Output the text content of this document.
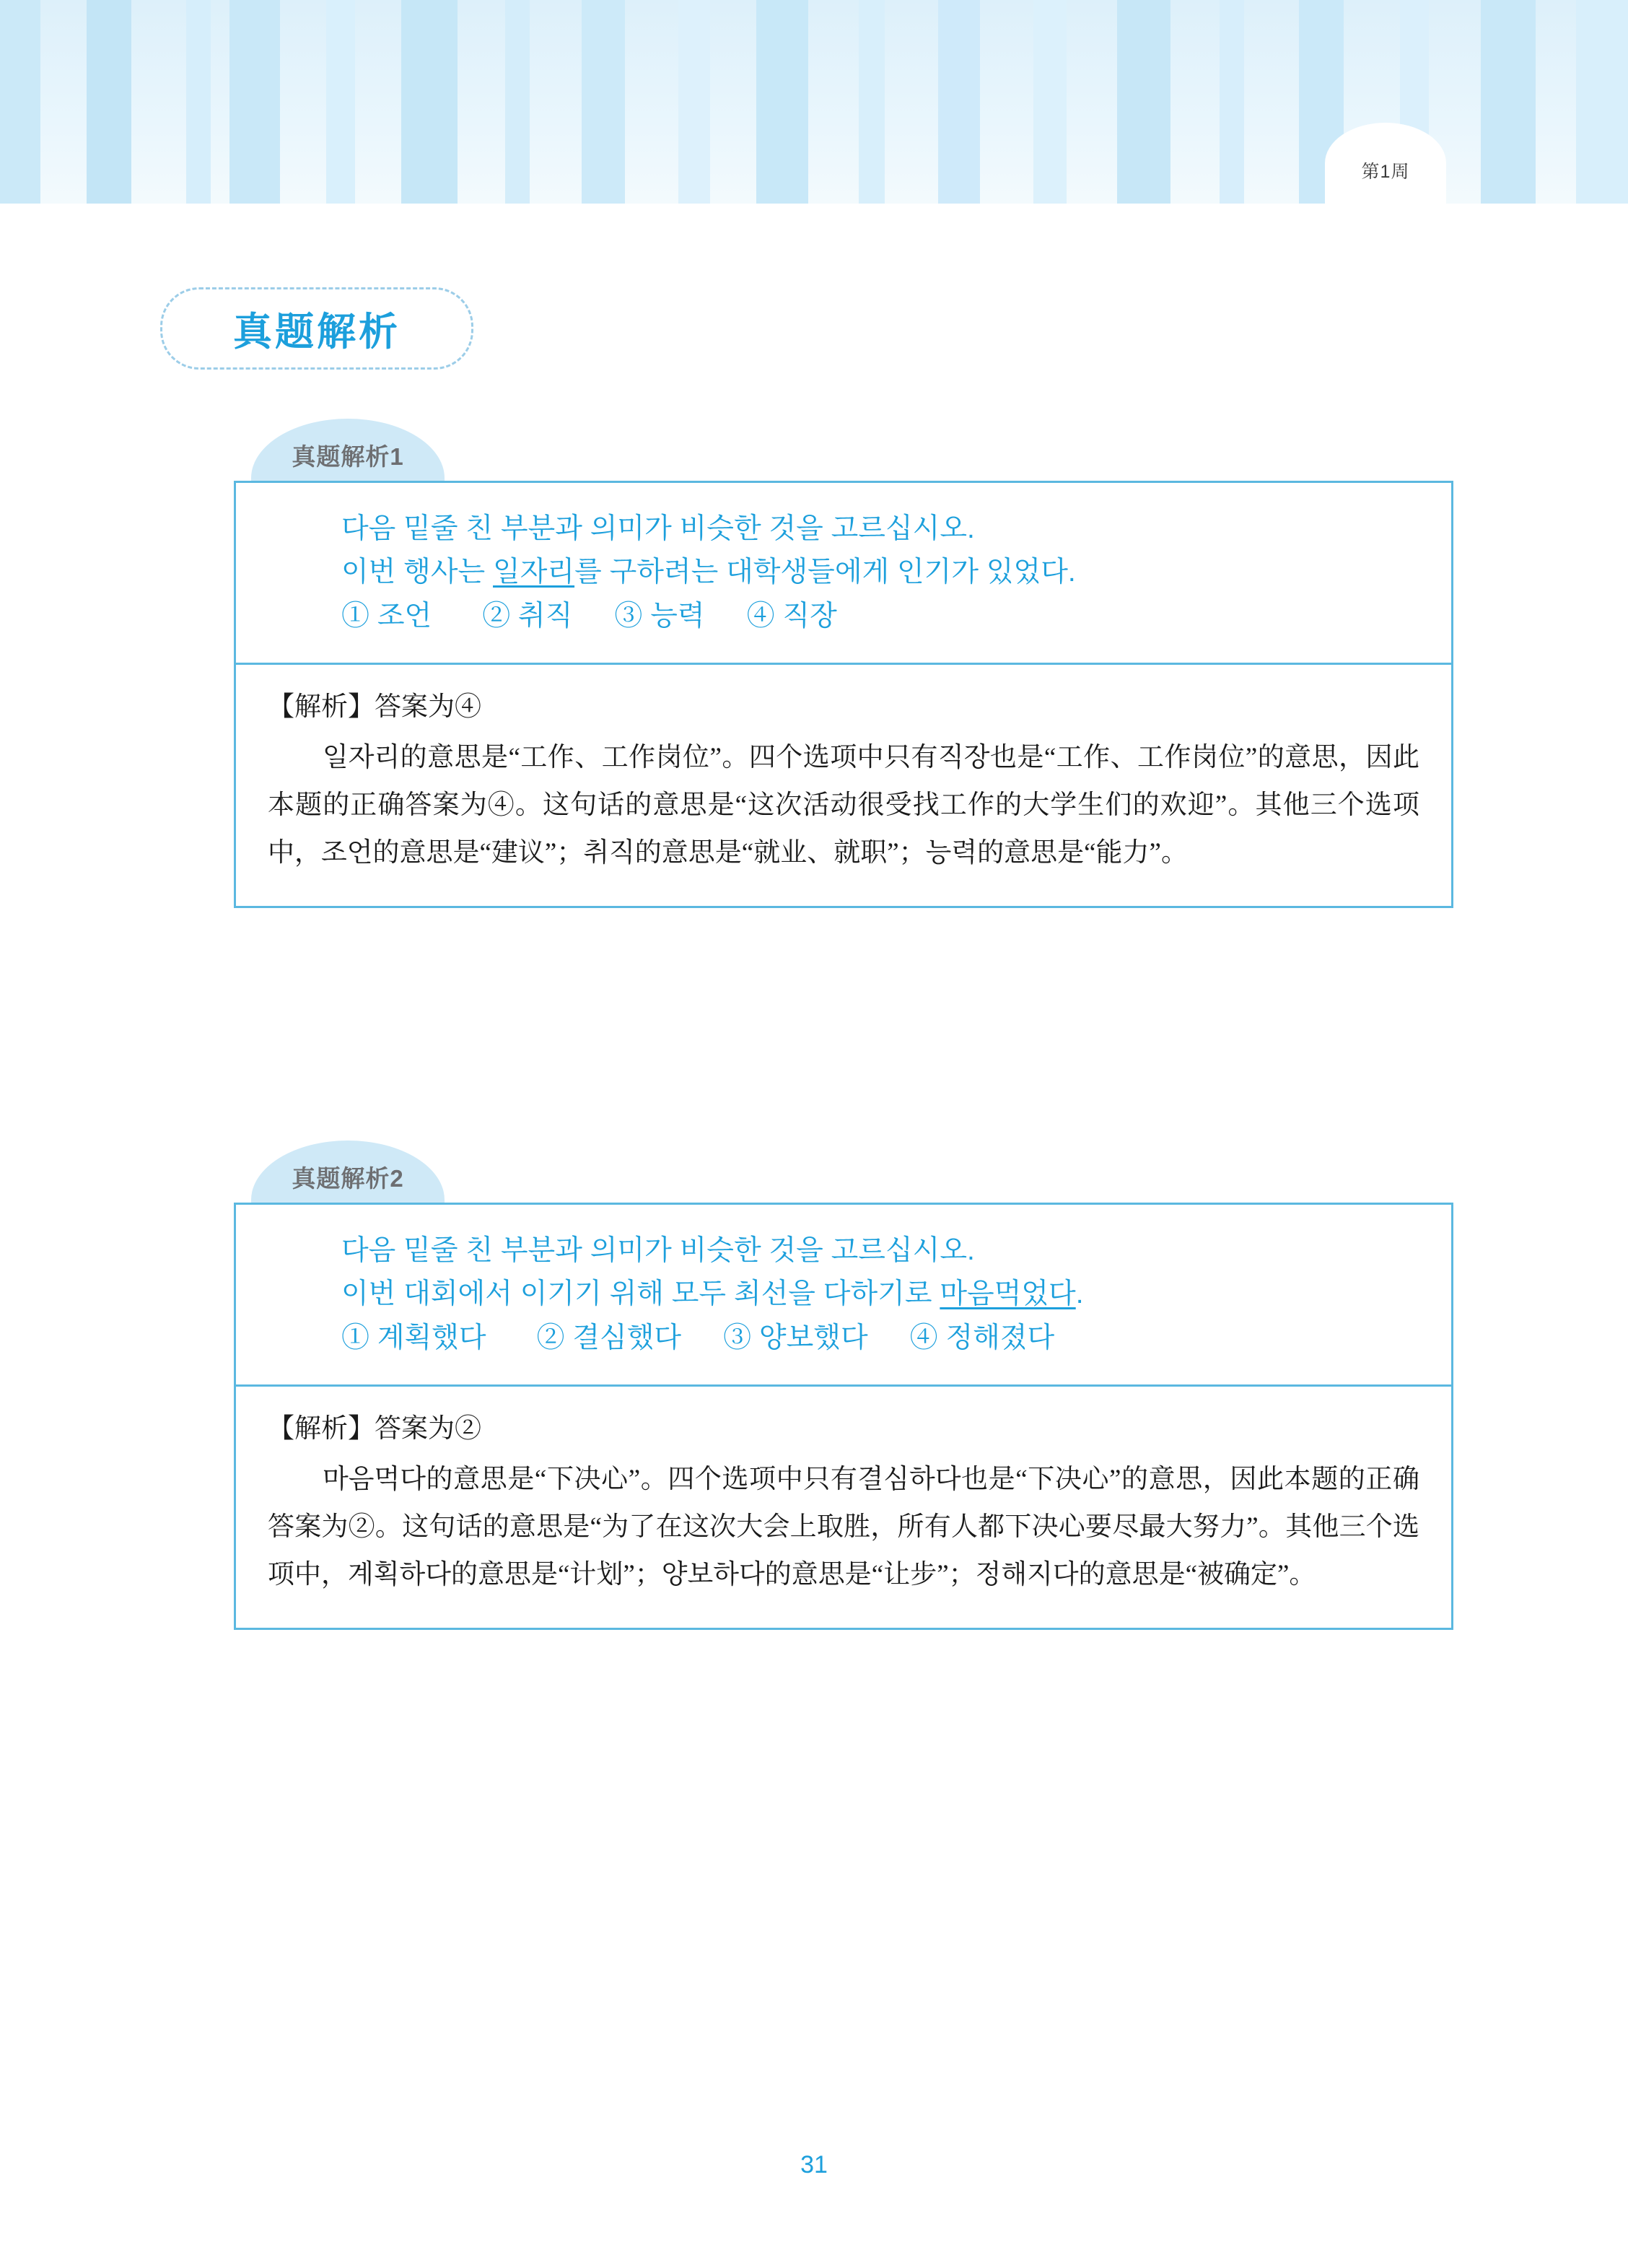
第1周
真题解析
真题解析1
다음 밑줄 친 부분과 의미가 비슷한 것을 고르십시오.
이번 행사는 일자리를 구하려는 대학생들에게 인기가 있었다.
① 조언 ② 취직 ③ 능력 ④ 직장
【解析】答案为④
일자리的意思是“工作、工作岗位”。四个选项中只有직장也是“工作、工作岗位”的意思，因此本题的正确答案为④。这句话的意思是“这次活动很受找工作的大学生们的欢迎”。其他三个选项中，조언的意思是“建议”；취직的意思是“就业、就职”；능력的意思是“能力”。
真题解析2
다음 밑줄 친 부분과 의미가 비슷한 것을 고르십시오.
이번 대회에서 이기기 위해 모두 최선을 다하기로 마음먹었다.
① 계획했다 ② 결심했다 ③ 양보했다 ④ 정해졌다
【解析】答案为②
마음먹다的意思是“下决心”。四个选项中只有결심하다也是“下决心”的意思，因此本题的正确答案为②。这句话的意思是“为了在这次大会上取胜，所有人都下决心要尽最大努力”。其他三个选项中，계획하다的意思是“计划”；양보하다的意思是“让步”；정해지다的意思是“被确定”。
31
